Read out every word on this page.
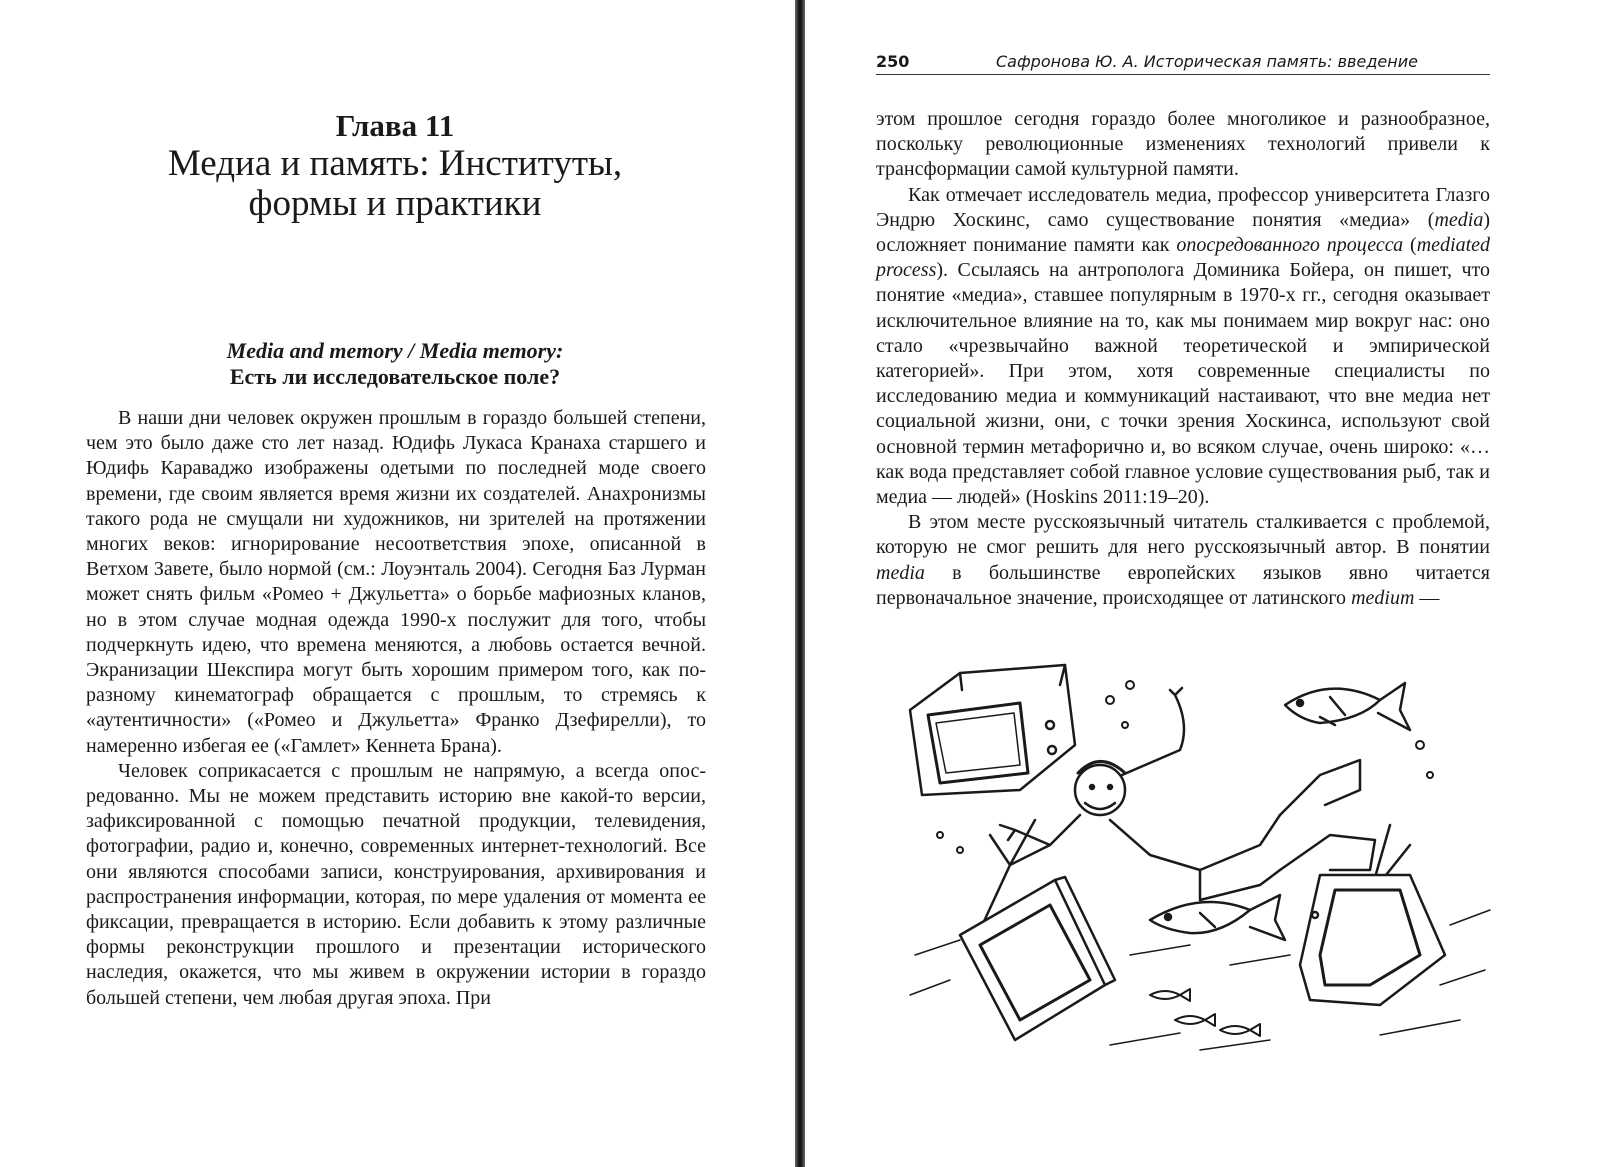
Глава 11
Медиа и память: Институты,
формы и практики
Media and memory / Media memory:
Есть ли исследовательское поле?

В наши дни человек окружен прошлым в гораздо большей степени, чем это было даже сто лет назад. Юдифь Лукаса Кранаха старшего и Юдифь Караваджо изображены одетыми по последней моде своего времени, где своим является время жизни их создателей. Анахронизмы такого рода не смущали ни художников, ни зрителей на протяжении многих веков: игнорирование несоответствия эпохе, описанной в Ветхом Завете, было нормой (см.: Лоуэнталь 2004). Сегодня Баз Лурман может снять фильм «Ромео + Джульетта» о борьбе мафиозных кланов, но в этом случае модная одежда 1990-х послужит для того, чтобы подчеркнуть идею, что времена меняются, а любовь остается вечной. Экранизации Шекспира могут быть хорошим примером того, как по-разному кинематограф обращается с прошлым, то стремясь к «аутентичности» («Ромео и Джульетта» Франко Дзефирелли), то намеренно избегая ее («Гамлет» Кеннета Брана).

Человек соприкасается с прошлым не напрямую, а всегда опосредованно. Мы не можем представить историю вне какой-то версии, зафиксированной с помощью печатной продукции, телевидения, фотографии, радио и, конечно, современных интернет-технологий. Все они являются способами записи, конструирования, архивирования и распространения информации, которая, по мере удаления от момента ее фиксации, превращается в историю. Если добавить к этому различные формы реконструкции прошлого и презентации исторического наследия, окажется, что мы живем в окружении истории в гораздо большей степени, чем любая другая эпоха. При

250	Сафронова Ю. А. Историческая память: введение

этом прошлое сегодня гораздо более многоликое и разнообразное, поскольку революционные изменениях технологий привели к трансформации самой культурной памяти.

Как отмечает исследователь медиа, профессор университета Глазго Эндрю Хоскинс, само существование понятия «медиа» (media) осложняет понимание памяти как опосредованного процесса (mediated process). Ссылаясь на антрополога Доминика Бойера, он пишет, что понятие «медиа», ставшее популярным в 1970-х гг., сегодня оказывает исключительное влияние на то, как мы понимаем мир вокруг нас: оно стало «чрезвычайно важной теоретической и эмпирической категорией». При этом, хотя современные специалисты по исследованию медиа и коммуникаций настаивают, что вне медиа нет социальной жизни, они, с точки зрения Хоскинса, используют свой основной термин метафорично и, во всяком случае, очень широко: «…как вода представляет собой главное условие существования рыб, так и медиа — людей» (Hoskins 2011:19–20).

В этом месте русскоязычный читатель сталкивается с проблемой, которую не смог решить для него русскоязычный автор. В понятии media в большинстве европейских языков явно читается первоначальное значение, происходящее от латинского medium —
